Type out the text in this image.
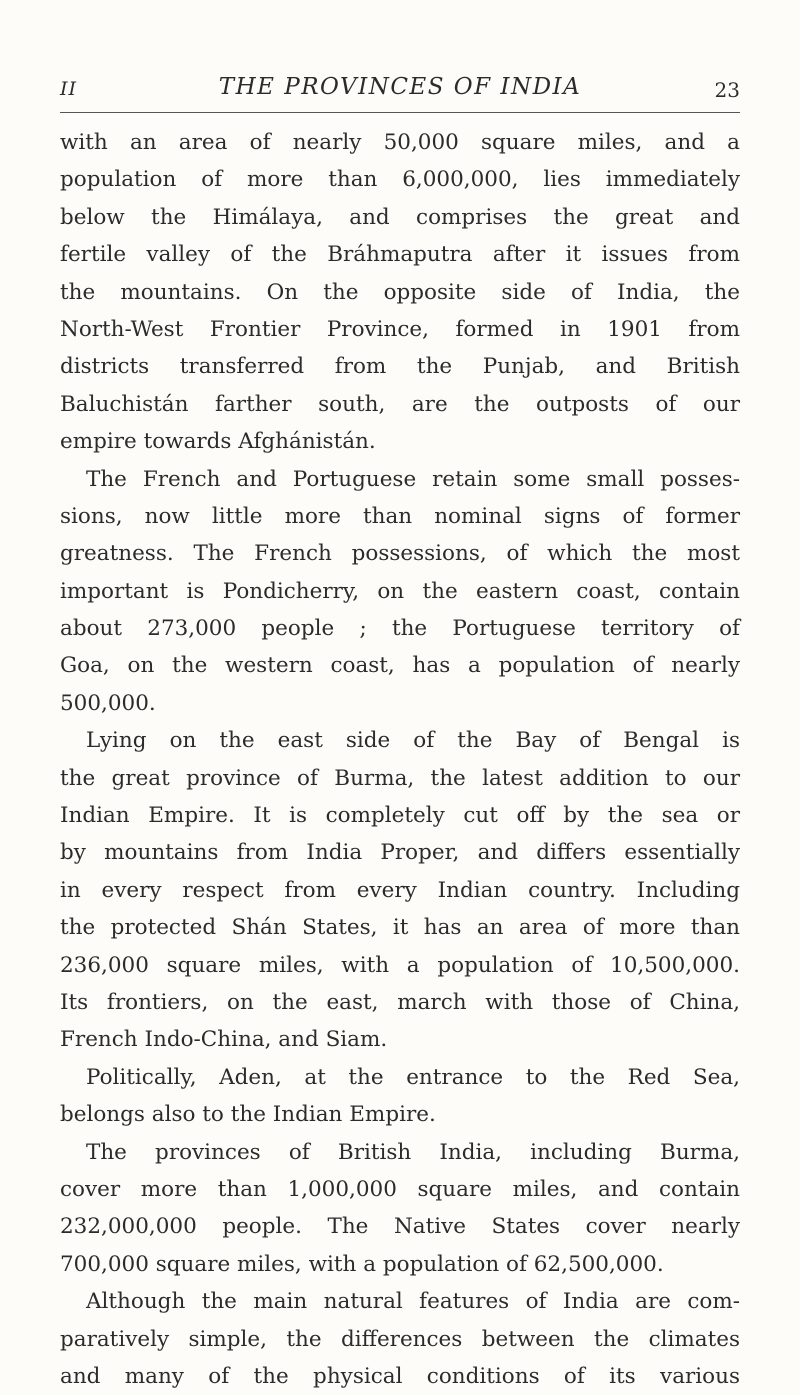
II	THE PROVINCES OF INDIA	23
with an area of nearly 50,000 square miles, and a
population of more than 6,000,000, lies immediately
below the Himálaya, and comprises the great and
fertile valley of the Bráhmaputra after it issues from
the mountains. On the opposite side of India, the
North-West Frontier Province, formed in 1901 from
districts transferred from the Punjab, and British
Baluchistán farther south, are the outposts of our
empire towards Afghánistán.
The French and Portuguese retain some small posses-
sions, now little more than nominal signs of former
greatness. The French possessions, of which the most
important is Pondicherry, on the eastern coast, contain
about 273,000 people ; the Portuguese territory of
Goa, on the western coast, has a population of nearly
500,000.
Lying on the east side of the Bay of Bengal is
the great province of Burma, the latest addition to our
Indian Empire. It is completely cut off by the sea or
by mountains from India Proper, and differs essentially
in every respect from every Indian country. Including
the protected Shán States, it has an area of more than
236,000 square miles, with a population of 10,500,000.
Its frontiers, on the east, march with those of China,
French Indo-China, and Siam.
Politically, Aden, at the entrance to the Red Sea,
belongs also to the Indian Empire.
The provinces of British India, including Burma,
cover more than 1,000,000 square miles, and contain
232,000,000 people. The Native States cover nearly
700,000 square miles, with a population of 62,500,000.
Although the main natural features of India are com-
paratively simple, the differences between the climates
and many of the physical conditions of its various
